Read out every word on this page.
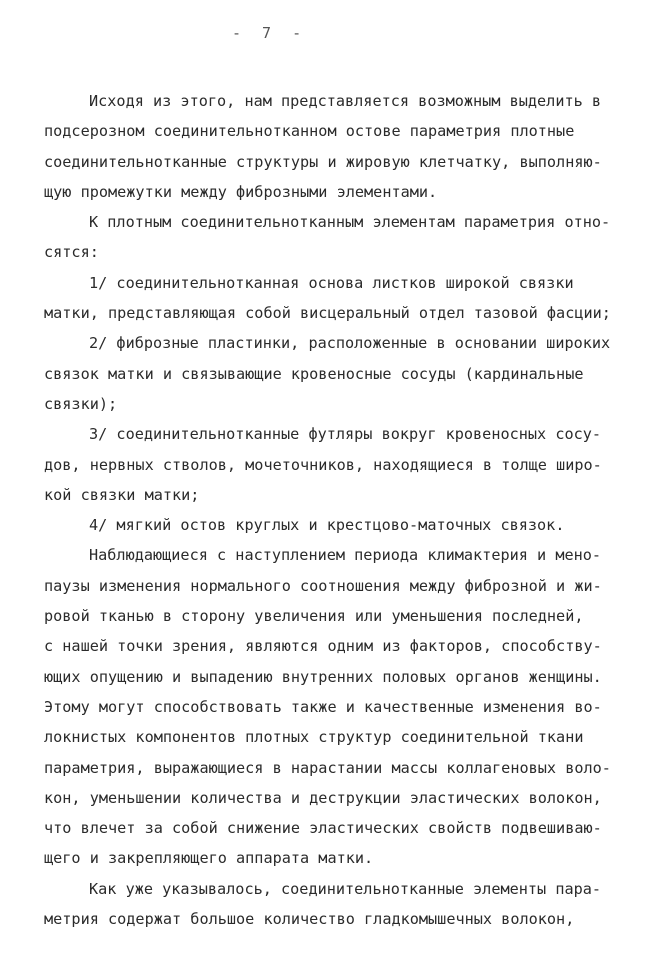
- 7 -
Исходя из этого, нам представляется возможным выделить в
подсерозном соединительнотканном остове параметрия плотные
соединительнотканные структуры и жировую клетчатку, выполняю-
щую промежутки между фиброзными элементами.
К плотным соединительнотканным элементам параметрия отно-
сятся:
1/ соединительнотканная основа листков широкой связки
матки, представляющая собой висцеральный отдел тазовой фасции;
2/ фиброзные пластинки, расположенные в основании широких
связок матки и связывающие кровеносные сосуды (кардинальные
связки);
3/ соединительнотканные футляры вокруг кровеносных сосу-
дов, нервных стволов, мочеточников, находящиеся в толще широ-
кой связки матки;
4/ мягкий остов круглых и крестцово-маточных связок.
Наблюдающиеся с наступлением периода климактерия и мено-
паузы изменения нормального соотношения между фиброзной и жи-
ровой тканью в сторону увеличения или уменьшения последней,
с нашей точки зрения, являются одним из факторов, способству-
ющих опущению и выпадению внутренних половых органов женщины.
Этому могут способствовать также и качественные изменения во-
локнистых компонентов плотных структур соединительной ткани
параметрия, выражающиеся в нарастании массы коллагеновых воло-
кон, уменьшении количества и деструкции эластических волокон,
что влечет за собой снижение эластических свойств подвешиваю-
щего и закрепляющего аппарата матки.
Как уже указывалось, соединительнотканные элементы пара-
метрия содержат большое количество гладкомышечных волокон,
